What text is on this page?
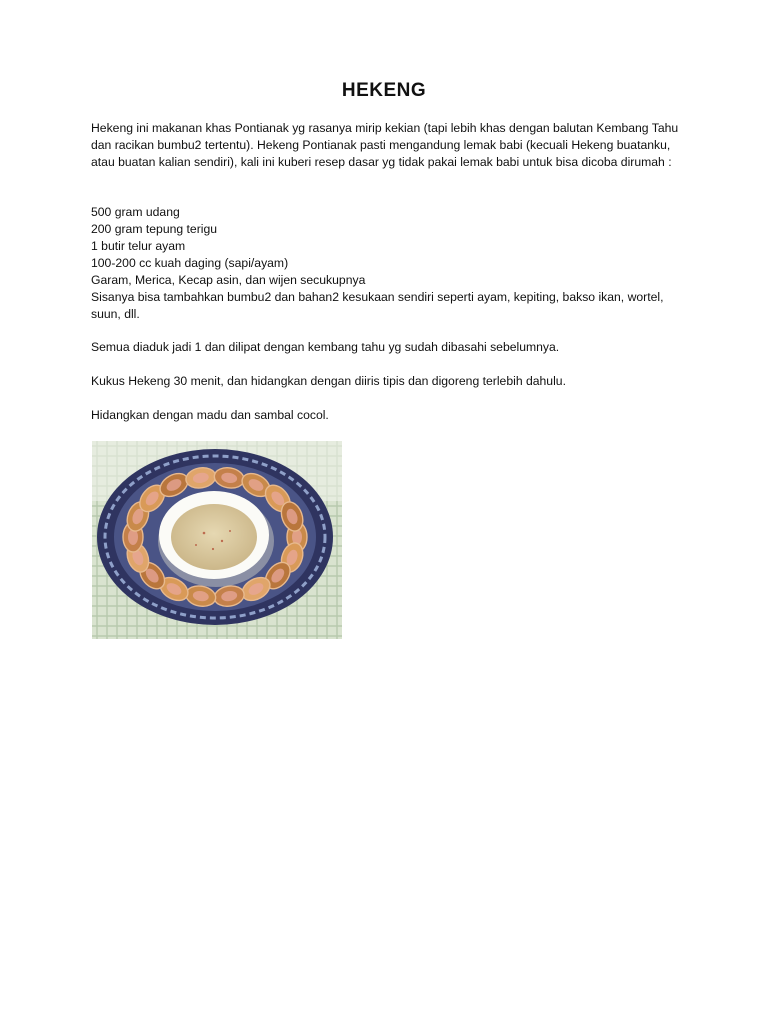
HEKENG

Hekeng ini makanan khas Pontianak yg rasanya mirip kekian (tapi lebih khas dengan balutan Kembang Tahu dan racikan bumbu2 tertentu). Hekeng Pontianak pasti mengandung lemak babi (kecuali Hekeng buatanku, atau buatan kalian sendiri), kali ini kuberi resep dasar yg tidak pakai lemak babi untuk bisa dicoba dirumah :

500 gram udang
200 gram tepung terigu
1 butir telur ayam
100-200 cc kuah daging (sapi/ayam)
Garam, Merica, Kecap asin, dan wijen secukupnya
Sisanya bisa tambahkan bumbu2 dan bahan2 kesukaan sendiri seperti ayam, kepiting, bakso ikan, wortel, suun, dll.

Semua diaduk jadi 1 dan dilipat dengan kembang tahu yg sudah dibasahi sebelumnya.

Kukus Hekeng 30 menit, dan hidangkan dengan diiris tipis dan digoreng terlebih dahulu.

Hidangkan dengan madu dan sambal cocol.
